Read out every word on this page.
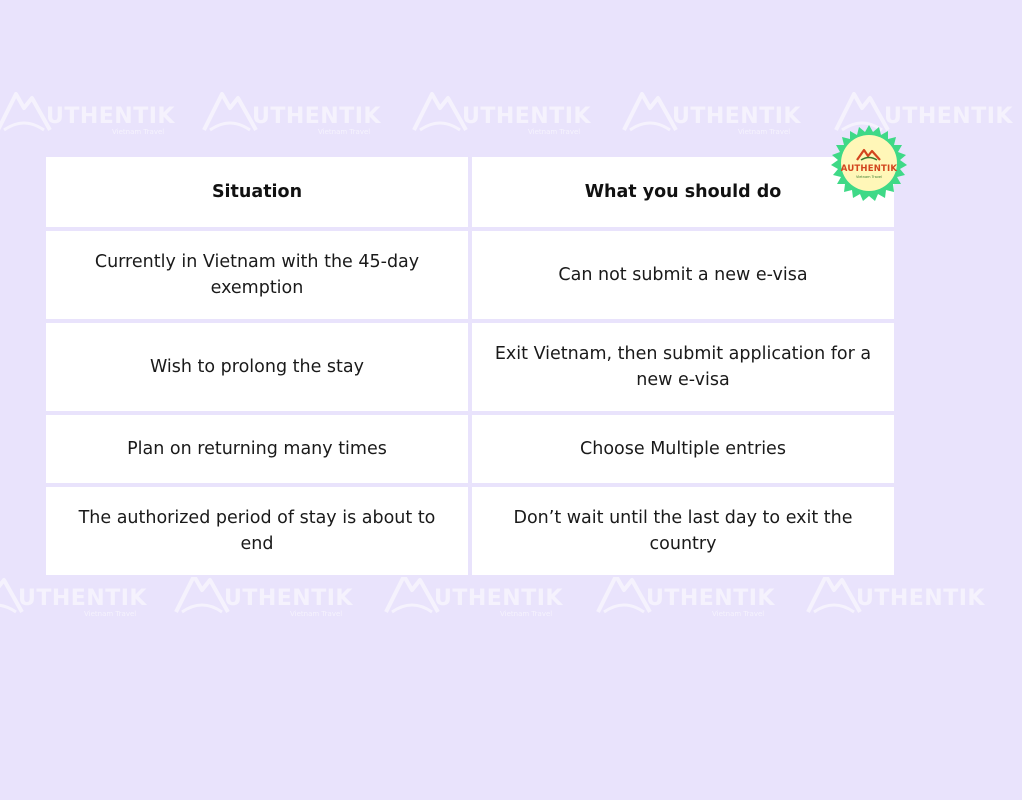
UTHENTIK
Vietnam Travel
UTHENTIK
Vietnam Travel
UTHENTIK
Vietnam Travel
UTHENTIK
Vietnam Travel
UTHENTIK
UTHENTIK
Vietnam Travel
UTHENTIK
Vietnam Travel
UTHENTIK
Vietnam Travel
UTHENTIK
Vietnam Travel
UTHENTIK
Situation	What you should do
Currently in Vietnam with the 45-day exemption
Can not submit a new e-visa
Wish to prolong the stay
Exit Vietnam, then submit application for a new e-visa
Plan on returning many times	Choose Multiple entries
The authorized period of stay is about to end
Don’t wait until the last day to exit the country
AUTHENTIK
Vietnam Travel
